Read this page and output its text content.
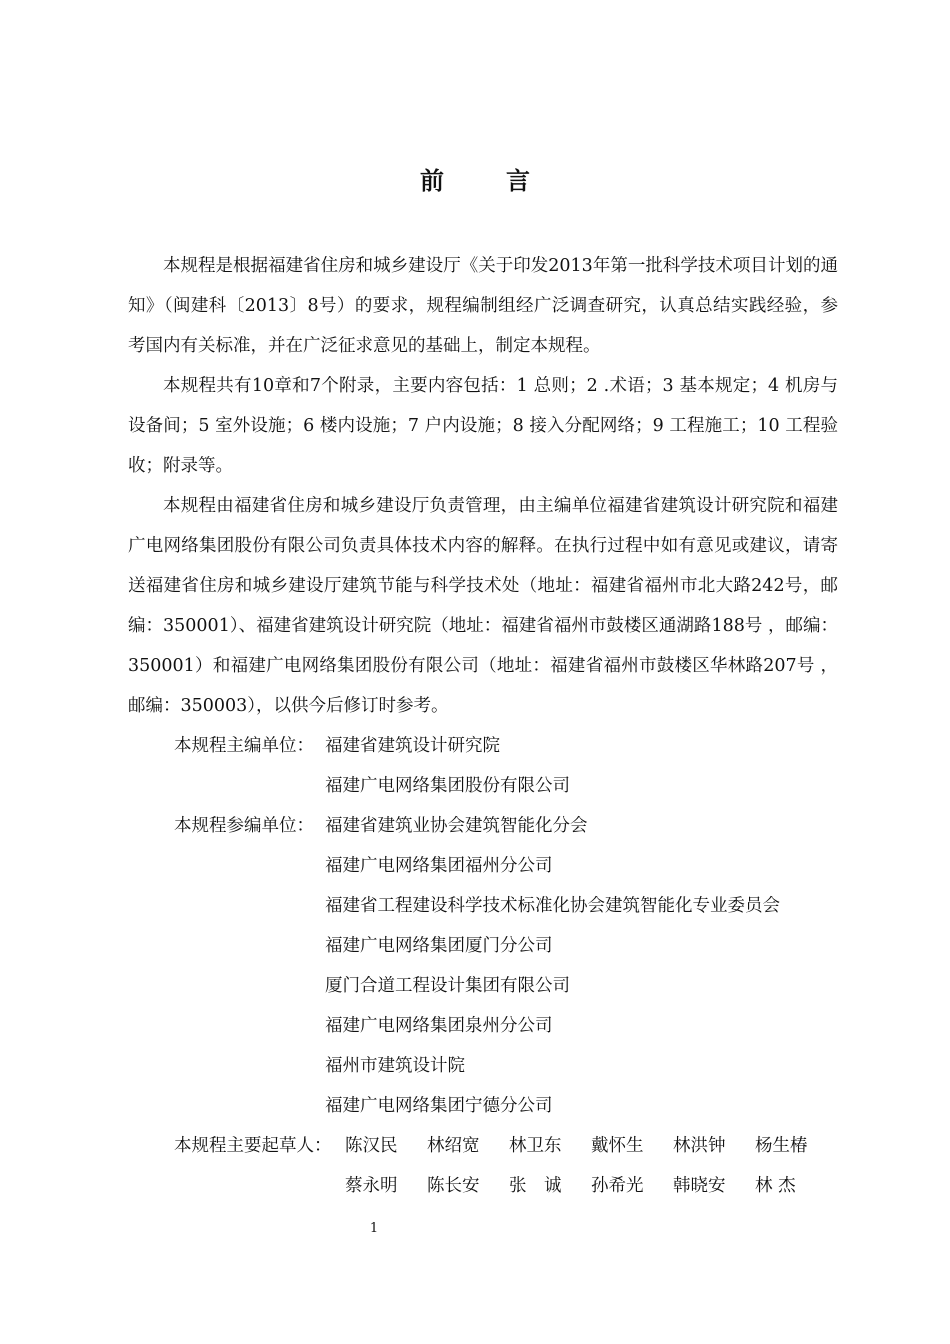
前	言

本规程是根据福建省住房和城乡建设厅《关于印发2013年第一批科学技术项目计划的通知》（闽建科〔2013〕8号）的要求，规程编制组经广泛调查研究，认真总结实践经验，参考国内有关标准，并在广泛征求意见的基础上，制定本规程。

本规程共有10章和7个附录，主要内容包括：1 总则；2 .术语；3 基本规定；4 机房与设备间；5 室外设施；6 楼内设施；7 户内设施；8 接入分配网络；9 工程施工；10 工程验收；附录等。

本规程由福建省住房和城乡建设厅负责管理，由主编单位福建省建筑设计研究院和福建广电网络集团股份有限公司负责具体技术内容的解释。在执行过程中如有意见或建议，请寄送福建省住房和城乡建设厅建筑节能与科学技术处（地址：福建省福州市北大路242号，邮编：350001）、福建省建筑设计研究院（地址：福建省福州市鼓楼区通湖路188号 ，邮编：350001）和福建广电网络集团股份有限公司（地址：福建省福州市鼓楼区华林路207号 ，邮编：350003），以供今后修订时参考。

本规程主编单位： 福建省建筑设计研究院
福建广电网络集团股份有限公司
本规程参编单位： 福建省建筑业协会建筑智能化分会
福建广电网络集团福州分公司
福建省工程建设科学技术标准化协会建筑智能化专业委员会
福建广电网络集团厦门分公司
厦门合道工程设计集团有限公司
福建广电网络集团泉州分公司
福州市建筑设计院
福建广电网络集团宁德分公司
本规程主要起草人： 陈汉民 林绍宽 林卫东 戴怀生 林洪钟 杨生椿
蔡永明 陈长安 张　诚 孙希光 韩晓安 林 杰
1
